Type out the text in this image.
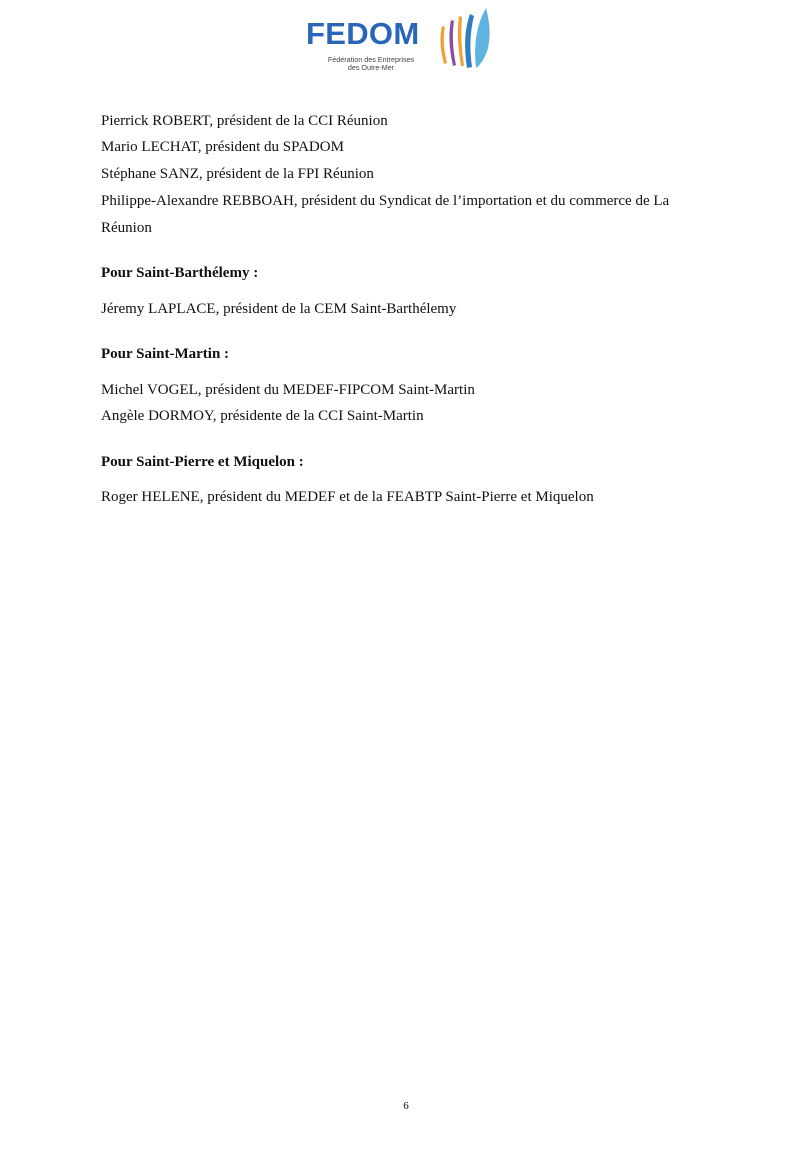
FEDOM
Fédération des Entreprises
des Outre-Mer
Pierrick ROBERT, président de la CCI Réunion
Mario LECHAT, président du SPADOM
Stéphane SANZ, président de la FPI Réunion
Philippe-Alexandre REBBOAH, président du Syndicat de l’importation et du commerce de La
Réunion
Pour Saint-Barthélemy :
Jéremy LAPLACE, président de la CEM Saint-Barthélemy
Pour Saint-Martin :
Michel VOGEL, président du MEDEF-FIPCOM Saint-Martin
Angèle DORMOY, présidente de la CCI Saint-Martin
Pour Saint-Pierre et Miquelon :
Roger HELENE, président du MEDEF et de la FEABTP Saint-Pierre et Miquelon
6
